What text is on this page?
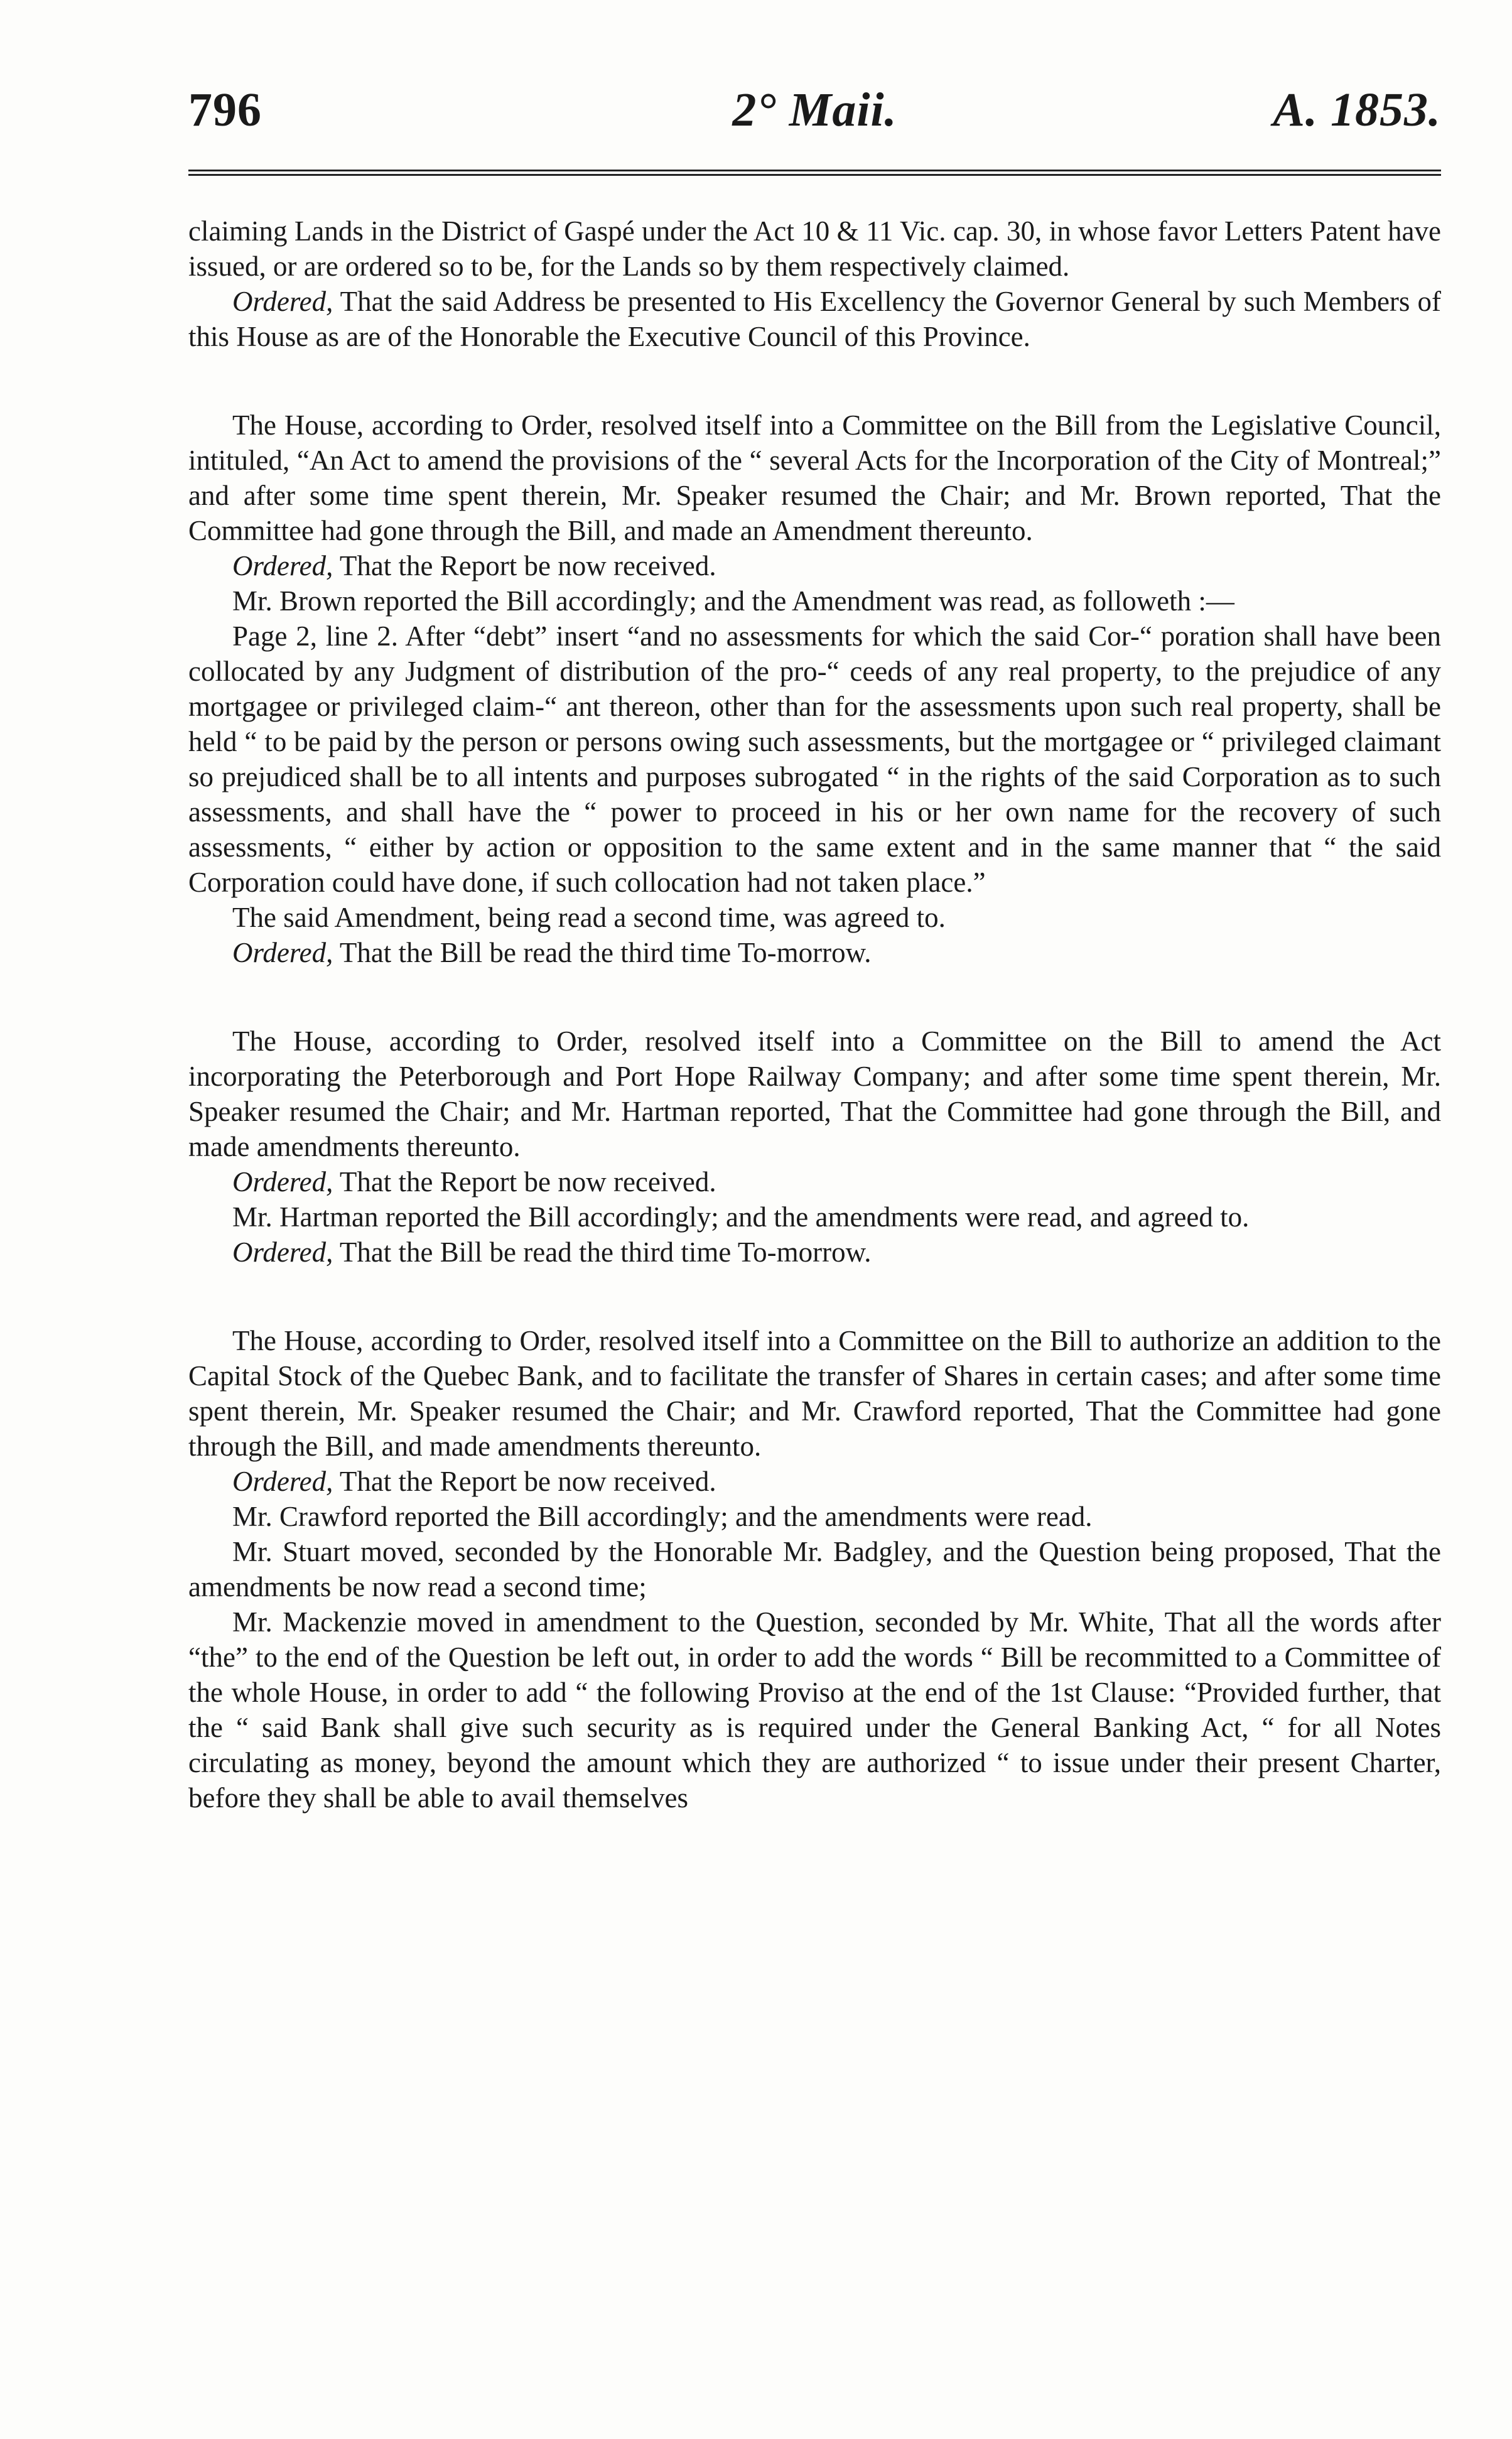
796	2° Maii.	A. 1853.

claiming Lands in the District of Gaspé under the Act 10 & 11 Vic. cap. 30, in whose favor Letters Patent have issued, or are ordered so to be, for the Lands so by them respectively claimed.

Ordered, That the said Address be presented to His Excellency the Governor General by such Members of this House as are of the Honorable the Executive Council of this Province.

The House, according to Order, resolved itself into a Committee on the Bill from the Legislative Council, intituled, “An Act to amend the provisions of the “ several Acts for the Incorporation of the City of Montreal;” and after some time spent therein, Mr. Speaker resumed the Chair; and Mr. Brown reported, That the Committee had gone through the Bill, and made an Amendment thereunto.

Ordered, That the Report be now received.

Mr. Brown reported the Bill accordingly; and the Amendment was read, as followeth :—

Page 2, line 2. After “debt” insert “and no assessments for which the said Cor-“ poration shall have been collocated by any Judgment of distribution of the pro-“ ceeds of any real property, to the prejudice of any mortgagee or privileged claim-“ ant thereon, other than for the assessments upon such real property, shall be held “ to be paid by the person or persons owing such assessments, but the mortgagee or “ privileged claimant so prejudiced shall be to all intents and purposes subrogated “ in the rights of the said Corporation as to such assessments, and shall have the “ power to proceed in his or her own name for the recovery of such assessments, “ either by action or opposition to the same extent and in the same manner that “ the said Corporation could have done, if such collocation had not taken place.”

The said Amendment, being read a second time, was agreed to.

Ordered, That the Bill be read the third time To-morrow.

The House, according to Order, resolved itself into a Committee on the Bill to amend the Act incorporating the Peterborough and Port Hope Railway Company; and after some time spent therein, Mr. Speaker resumed the Chair; and Mr. Hartman reported, That the Committee had gone through the Bill, and made amendments thereunto.

Ordered, That the Report be now received.

Mr. Hartman reported the Bill accordingly; and the amendments were read, and agreed to.

Ordered, That the Bill be read the third time To-morrow.

The House, according to Order, resolved itself into a Committee on the Bill to authorize an addition to the Capital Stock of the Quebec Bank, and to facilitate the transfer of Shares in certain cases; and after some time spent therein, Mr. Speaker resumed the Chair; and Mr. Crawford reported, That the Committee had gone through the Bill, and made amendments thereunto.

Ordered, That the Report be now received.

Mr. Crawford reported the Bill accordingly; and the amendments were read.

Mr. Stuart moved, seconded by the Honorable Mr. Badgley, and the Question being proposed, That the amendments be now read a second time;

Mr. Mackenzie moved in amendment to the Question, seconded by Mr. White, That all the words after “the” to the end of the Question be left out, in order to add the words “ Bill be recommitted to a Committee of the whole House, in order to add “ the following Proviso at the end of the 1st Clause: “Provided further, that the “ said Bank shall give such security as is required under the General Banking Act, “ for all Notes circulating as money, beyond the amount which they are authorized “ to issue under their present Charter, before they shall be able to avail themselves
